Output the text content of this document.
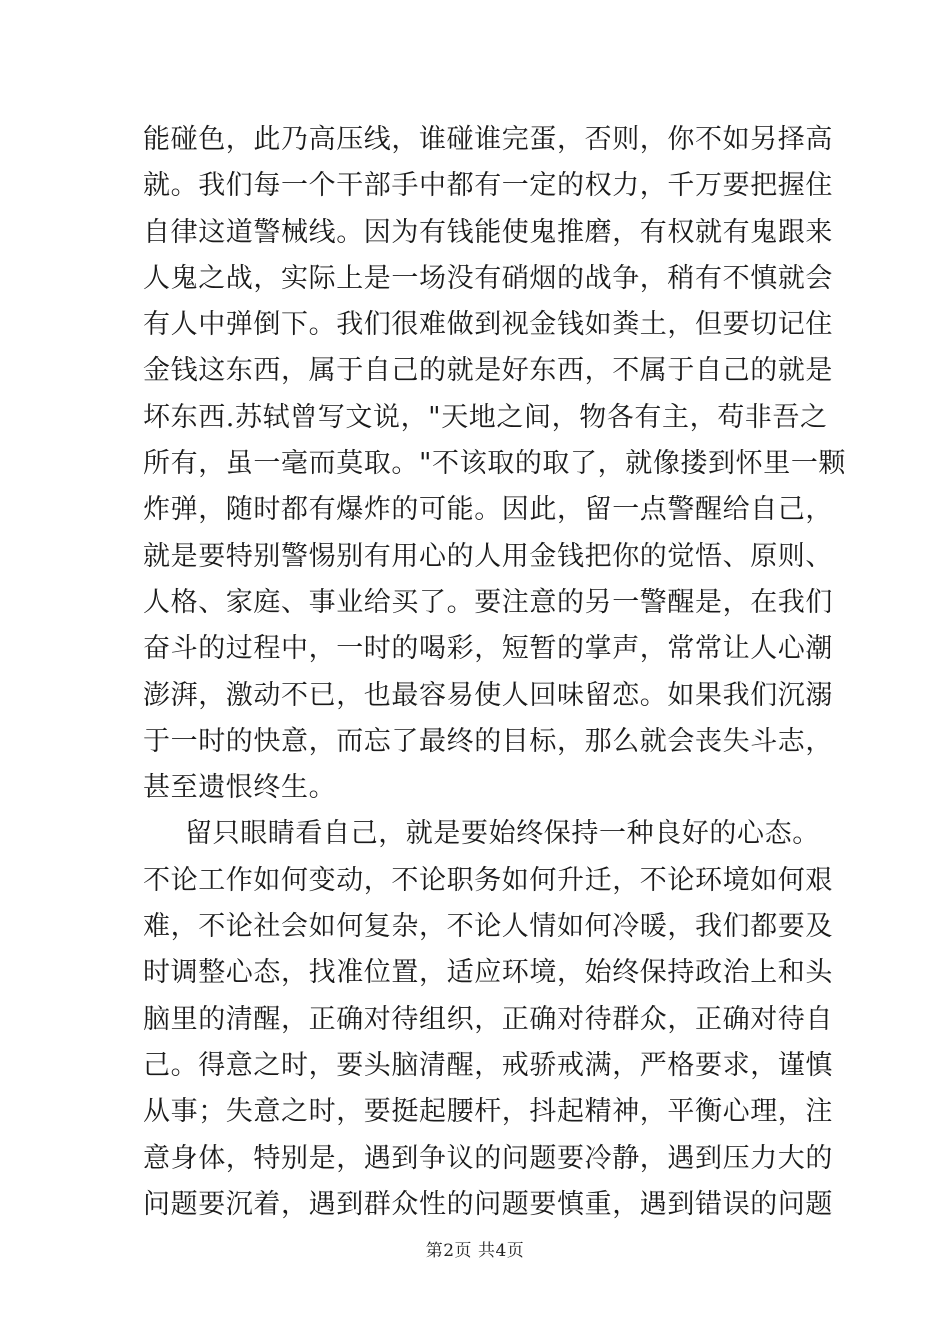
能碰色，此乃高压线，谁碰谁完蛋，否则，你不如另择高
就。我们每一个干部手中都有一定的权力，千万要把握住
自律这道警械线。因为有钱能使鬼推磨，有权就有鬼跟来
人鬼之战，实际上是一场没有硝烟的战争，稍有不慎就会
有人中弹倒下。我们很难做到视金钱如粪土，但要切记住
金钱这东西，属于自己的就是好东西，不属于自己的就是
坏东西.苏轼曾写文说，"天地之间，物各有主，苟非吾之
所有，虽一毫而莫取。"不该取的取了，就像搂到怀里一颗
炸弹，随时都有爆炸的可能。因此，留一点警醒给自己，
就是要特别警惕别有用心的人用金钱把你的觉悟、原则、
人格、家庭、事业给买了。要注意的另一警醒是，在我们
奋斗的过程中，一时的喝彩，短暂的掌声，常常让人心潮
澎湃，激动不已，也最容易使人回味留恋。如果我们沉溺
于一时的快意，而忘了最终的目标，那么就会丧失斗志，
甚至遗恨终生。
留只眼睛看自己，就是要始终保持一种良好的心态。
不论工作如何变动，不论职务如何升迁，不论环境如何艰
难，不论社会如何复杂，不论人情如何冷暖，我们都要及
时调整心态，找准位置，适应环境，始终保持政治上和头
脑里的清醒，正确对待组织，正确对待群众，正确对待自
己。得意之时，要头脑清醒，戒骄戒满，严格要求，谨慎
从事；失意之时，要挺起腰杆，抖起精神，平衡心理，注
意身体，特别是，遇到争议的问题要冷静，遇到压力大的
问题要沉着，遇到群众性的问题要慎重，遇到错误的问题
第2页 共4页
